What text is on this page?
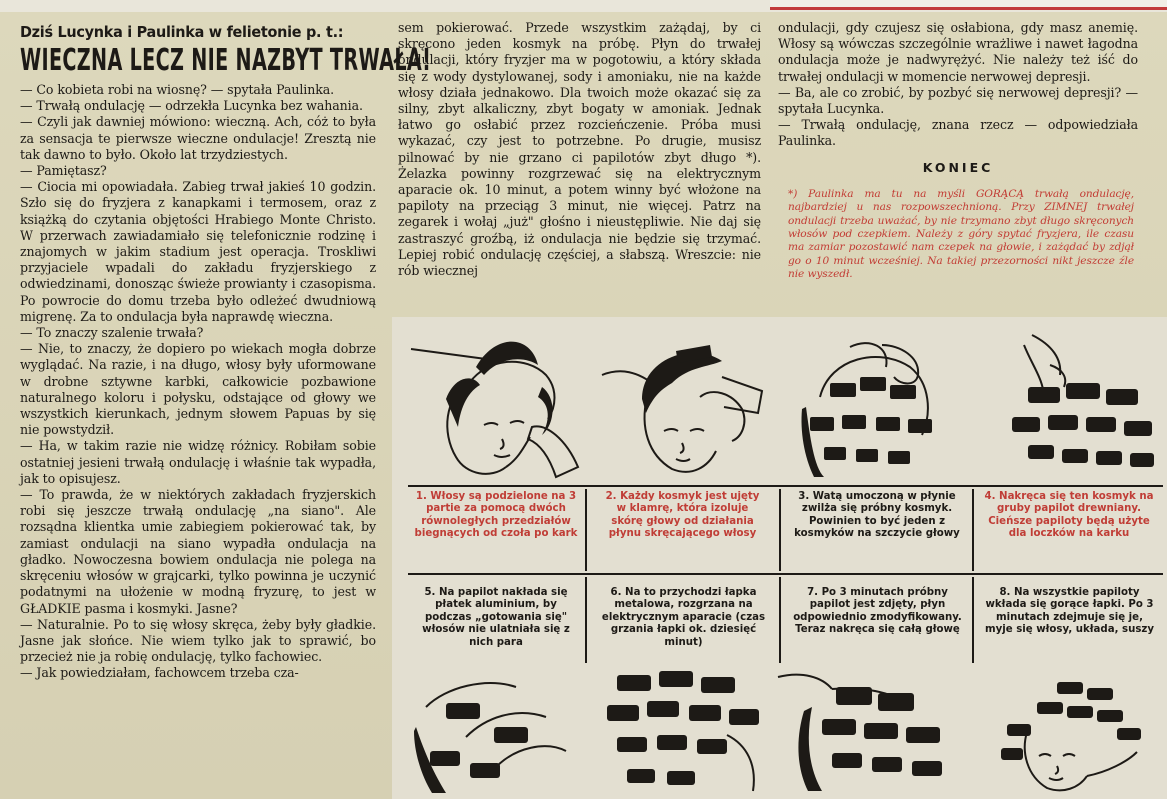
Dziś Lucynka i Paulinka w felietonie p. t.:
WIECZNA LECZ NIE NAZBYT TRWAŁA!

— Co kobieta robi na wiosnę? — spytała Paulinka.

— Trwałą ondulację — odrzekła Lucynka bez wahania.

— Czyli jak dawniej mówiono: wieczną. Ach, cóż to była za sensacja te pierwsze wieczne ondulacje! Zresztą nie tak dawno to było. Około lat trzydziestych.

— Pamiętasz?

— Ciocia mi opowiadała. Zabieg trwał jakieś 10 godzin. Szło się do fryzjera z kanapkami i termosem, oraz z książką do czytania objętości Hrabiego Monte Christo. W przerwach zawiadamiało się telefonicznie rodzinę i znajomych w jakim stadium jest operacja. Troskliwi przyjaciele wpadali do zakładu fryzjerskiego z odwiedzinami, donosząc świeże prowianty i czasopisma. Po powrocie do domu trzeba było odleżeć dwudniową migrenę. Za to ondulacja była naprawdę wieczna.

— To znaczy szalenie trwała?

— Nie, to znaczy, że dopiero po wiekach mogła dobrze wyglądać. Na razie, i na długo, włosy były uformowane w drobne sztywne karbki, całkowicie pozbawione naturalnego koloru i połysku, odstające od głowy we wszystkich kierunkach, jednym słowem Papuas by się nie powstydził.

— Ha, w takim razie nie widzę różnicy. Robiłam sobie ostatniej jesieni trwałą ondulację i właśnie tak wypadła, jak to opisujesz.

— To prawda, że w niektórych zakładach fryzjerskich robi się jeszcze trwałą ondulację „na siano". Ale rozsądna klientka umie zabiegiem pokierować tak, by zamiast ondulacji na siano wypadła ondulacja na gładko. Nowoczesna bowiem ondulacja nie polega na skręceniu włosów w grajcarki, tylko powinna je uczynić podatnymi na ułożenie w modną fryzurę, to jest w GŁADKIE pasma i kosmyki. Jasne?

— Naturalnie. Po to się włosy skręca, żeby były gładkie. Jasne jak słońce. Nie wiem tylko jak to sprawić, bo przecież nie ja robię ondulację, tylko fachowiec.

— Jak powiedziałam, fachowcem trzeba cza-

sem pokierować. Przede wszystkim zażądaj, by ci skręcono jeden kosmyk na próbę. Płyn do trwałej ondulacji, który fryzjer ma w pogotowiu, a który składa się z wody dystylowanej, sody i amoniaku, nie na każde włosy działa jednakowo. Dla twoich może okazać się za silny, zbyt alkaliczny, zbyt bogaty w amoniak. Jednak łatwo go osłabić przez rozcieńczenie. Próba musi wykazać, czy jest to potrzebne. Po drugie, musisz pilnować by nie grzano ci papilotów zbyt długo *). Żelazka powinny rozgrzewać się na elektrycznym aparacie ok. 10 minut, a potem winny być włożone na papiloty na przeciąg 3 minut, nie więcej. Patrz na zegarek i wołaj „już" głośno i nieustępliwie. Nie daj się zastraszyć groźbą, iż ondulacja nie będzie się trzymać. Lepiej robić ondulację częściej, a słabszą. Wreszcie: nie rób wiecznej

ondulacji, gdy czujesz się osłabiona, gdy masz anemię. Włosy są wówczas szczególnie wrażliwe i nawet łagodna ondulacja może je nadwyrężyć. Nie należy też iść do trwałej ondulacji w momencie nerwowej depresji.

— Ba, ale co zrobić, by pozbyć się nerwowej depresji? — spytała Lucynka.

— Trwałą ondulację, znana rzecz — odpowiedziała Paulinka.

KONIEC
*) Paulinka ma tu na myśli GORĄCĄ trwałą ondulację, najbardziej u nas rozpowszechnioną. Przy ZIMNEJ trwałej ondulacji trzeba uważać, by nie trzymano zbyt długo skręconych włosów pod czepkiem. Należy z góry spytać fryzjera, ile czasu ma zamiar pozostawić nam czepek na głowie, i zażądać by zdjął go o 10 minut wcześniej. Na takiej przezorności nikt jeszcze źle nie wyszedł.
1. Włosy są podzielone na 3 partie za pomocą dwóch równoległych przedziałów biegnących od czoła po kark
2. Każdy kosmyk jest ujęty w klamrę, która izoluje skórę głowy od działania płynu skręcającego włosy
3. Watą umoczoną w płynie zwilża się próbny kosmyk. Powinien to być jeden z kosmyków na szczycie głowy
4. Nakręca się ten kosmyk na gruby papilot drewniany. Cieńsze papiloty będą użyte dla loczków na karku
5. Na papilot nakłada się płatek aluminium, by podczas „gotowania się" włosów nie ulatniała się z nich para
6. Na to przychodzi łapka metalowa, rozgrzana na elektrycznym aparacie (czas grzania łapki ok. dziesięć minut)
7. Po 3 minutach próbny papilot jest zdjęty, płyn odpowiednio zmodyfikowany. Teraz nakręca się całą głowę
8. Na wszystkie papiloty wkłada się gorące łapki. Po 3 minutach zdejmuje się je, myje się włosy, układa, suszy
